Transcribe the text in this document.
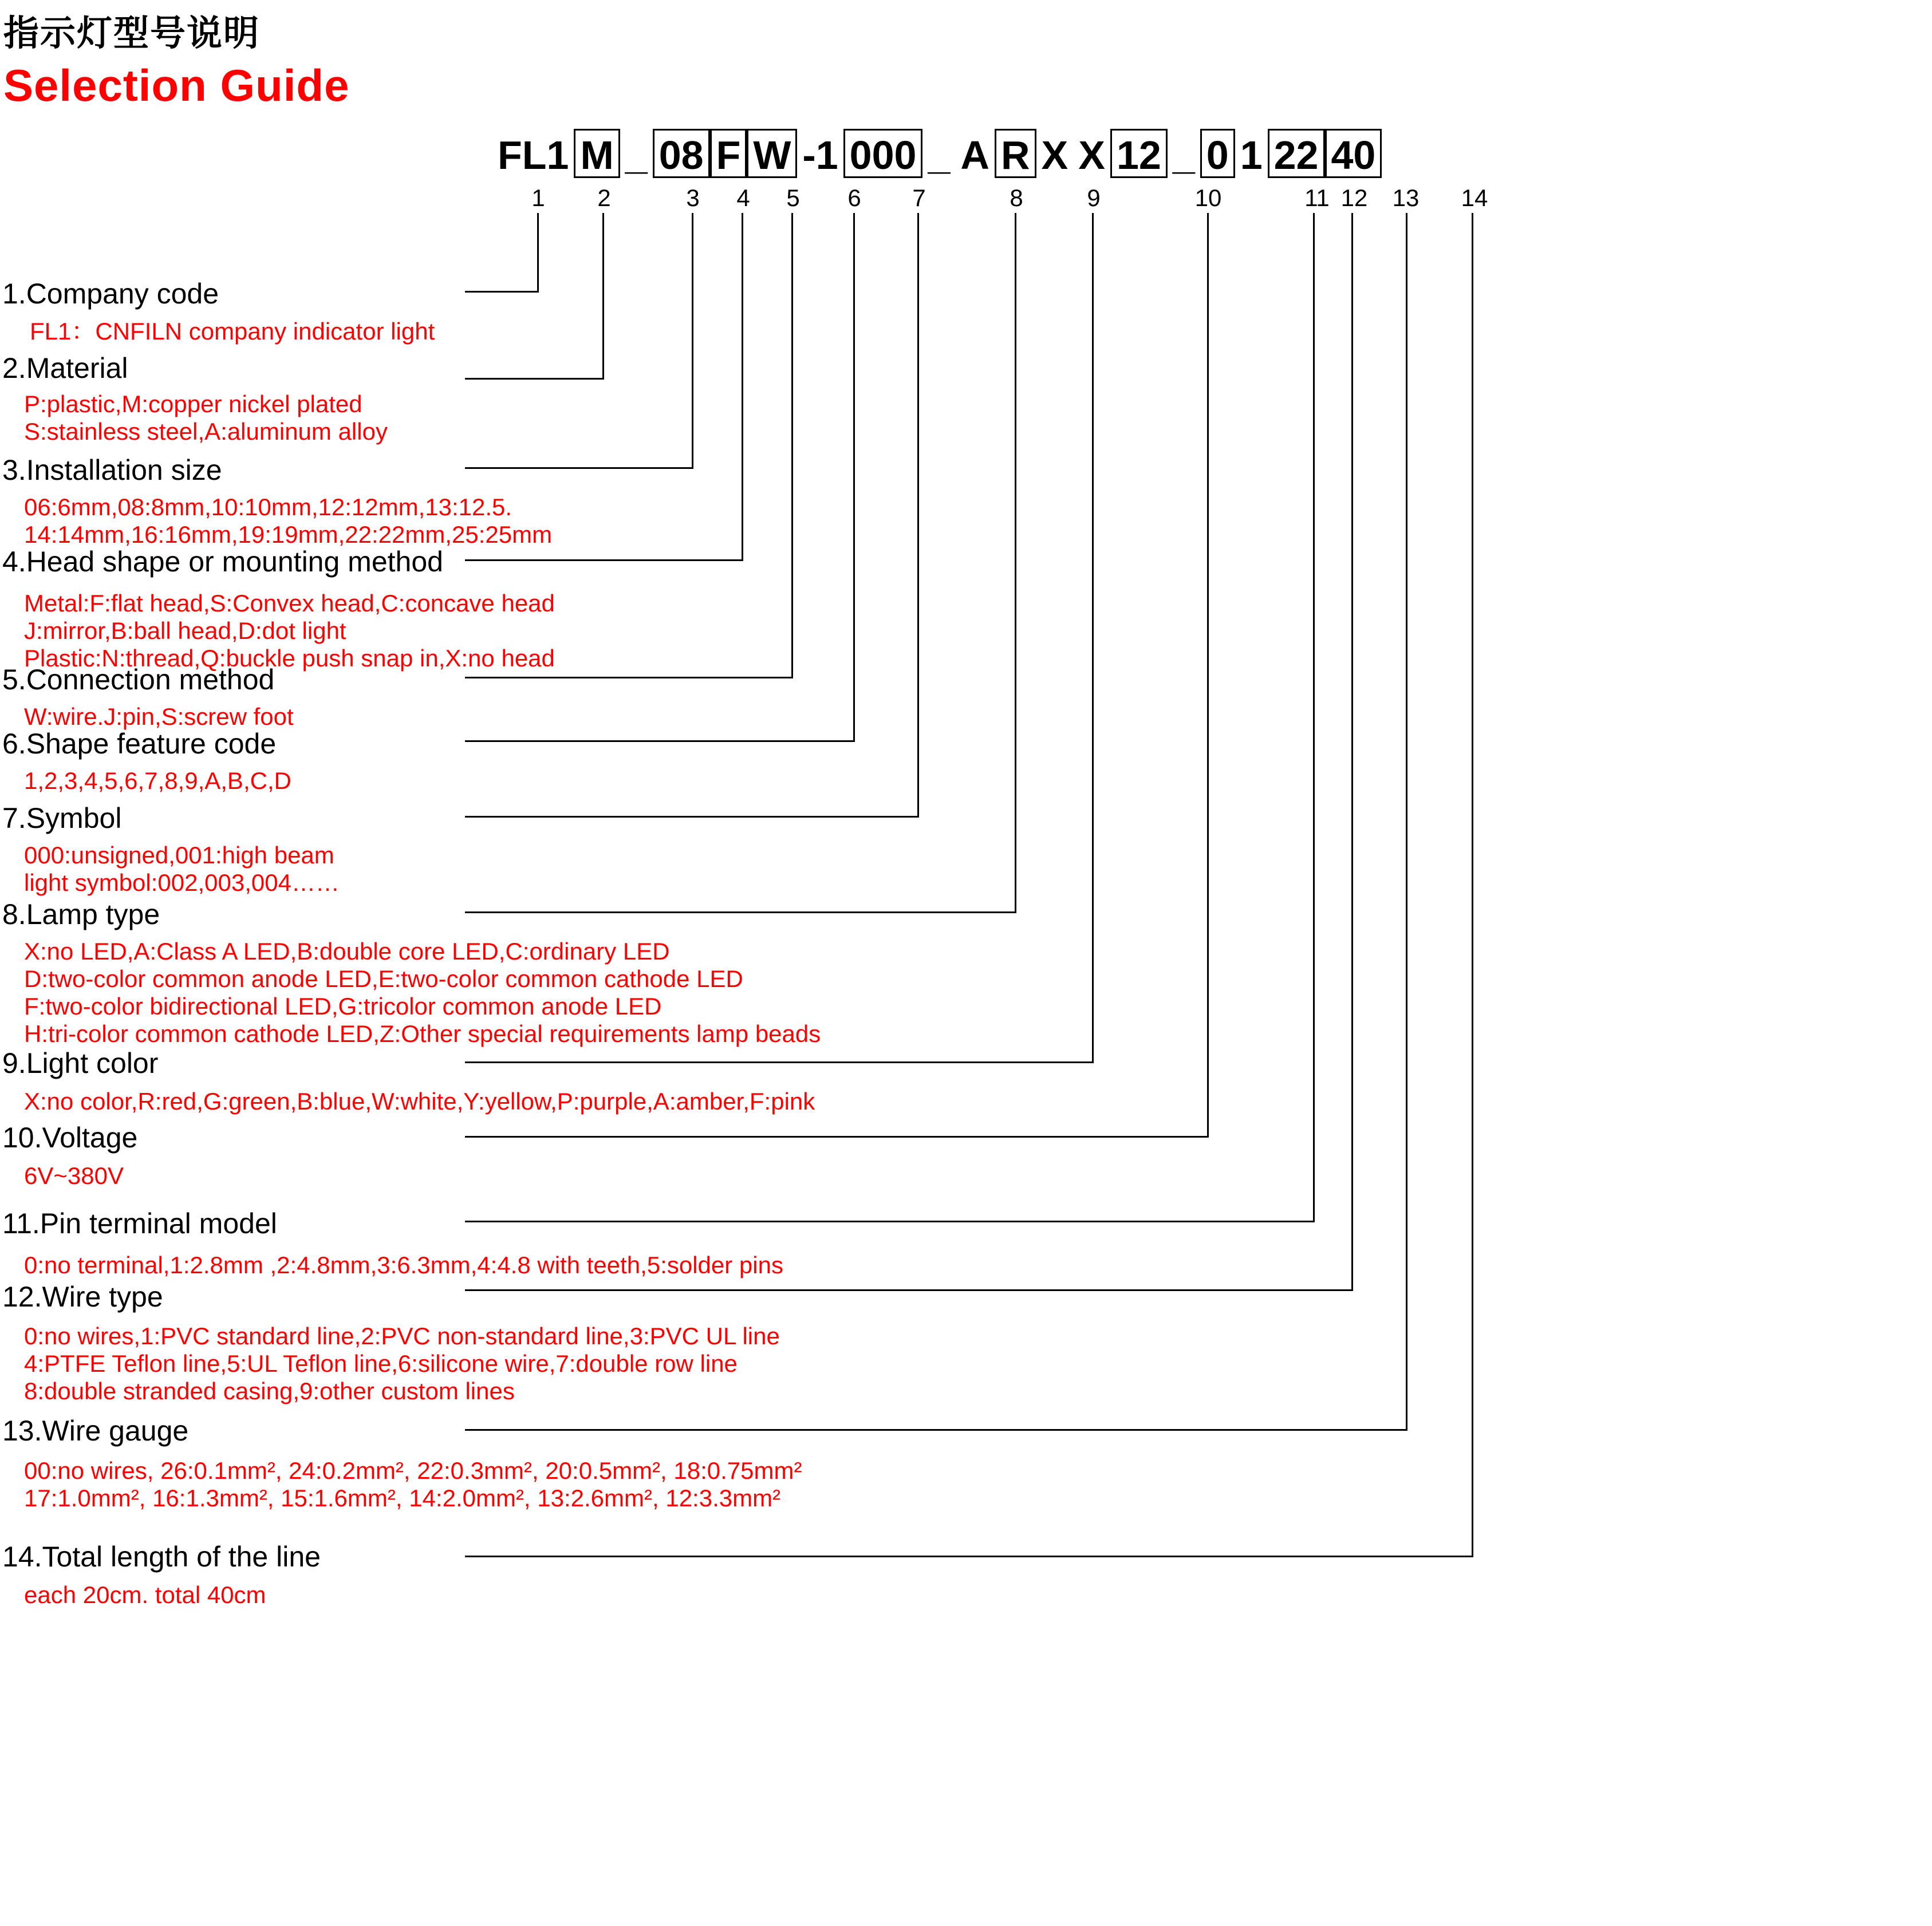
指示灯型号说明
Selection Guide
FL1 M _ 08 F W -1 000 _ A R X X 12 _ 0 1 22 40
1	2	3	4	5	6	7	8	9	10	11 12 13 14
1.Company code
FL1：CNFILN company indicator light
2.Material
P:plastic,M:copper nickel plated
S:stainless steel,A:aluminum alloy
3.Installation size
06:6mm,08:8mm,10:10mm,12:12mm,13:12.5.
14:14mm,16:16mm,19:19mm,22:22mm,25:25mm
4.Head shape or mounting method
Metal:F:flat head,S:Convex head,C:concave head
J:mirror,B:ball head,D:dot light
Plastic:N:thread,Q:buckle push snap in,X:no head
5.Connection method
W:wire.J:pin,S:screw foot
6.Shape feature code
1,2,3,4,5,6,7,8,9,A,B,C,D
7.Symbol
000:unsigned,001:high beam
light symbol:002,003,004……
8.Lamp type
X:no LED,A:Class A LED,B:double core LED,C:ordinary LED
D:two-color common anode LED,E:two-color common cathode LED
F:two-color bidirectional LED,G:tricolor common anode LED
H:tri-color common cathode LED,Z:Other special requirements lamp beads
9.Light color
X:no color,R:red,G:green,B:blue,W:white,Y:yellow,P:purple,A:amber,F:pink
10.Voltage
6V~380V
11.Pin terminal model
0:no terminal,1:2.8mm ,2:4.8mm,3:6.3mm,4:4.8 with teeth,5:solder pins
12.Wire type
0:no wires,1:PVC standard line,2:PVC non-standard line,3:PVC UL line
4:PTFE Teflon line,5:UL Teflon line,6:silicone wire,7:double row line
8:double stranded casing,9:other custom lines
13.Wire gauge
00:no wires, 26:0.1mm², 24:0.2mm², 22:0.3mm², 20:0.5mm², 18:0.75mm²
17:1.0mm², 16:1.3mm², 15:1.6mm², 14:2.0mm², 13:2.6mm², 12:3.3mm²
14.Total length of the line
each 20cm. total 40cm
